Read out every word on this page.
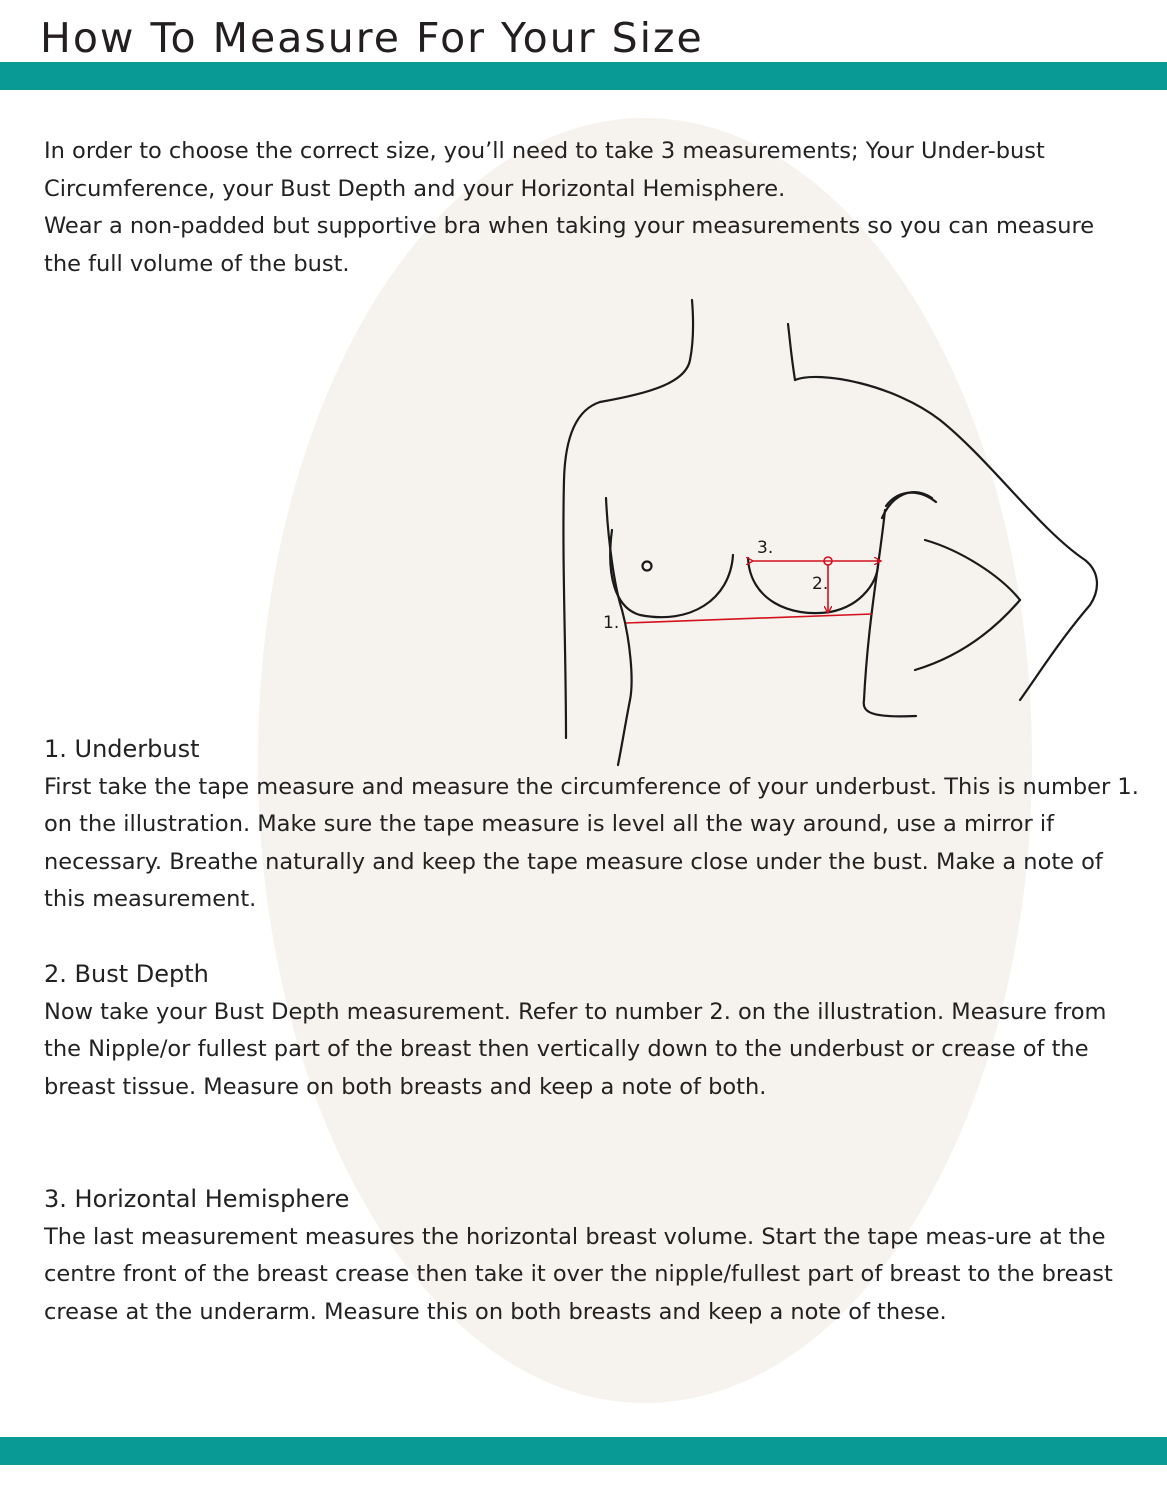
How To Measure For Your Size

In order to choose the correct size, you’ll need to take 3 measurements; Your Under-bust Circumference, your Bust Depth and your Horizontal Hemisphere.

Wear a non-padded but supportive bra when taking your measurements so you can measure the full volume of the bust.

1.
2.
3.
1. Underbust

First take the tape measure and measure the circumference of your underbust. This is number 1. on the illustration. Make sure the tape measure is level all the way around, use a mirror if necessary. Breathe naturally and keep the tape measure close under the bust. Make a note of this measurement.

2. Bust Depth

Now take your Bust Depth measurement. Refer to number 2. on the illustration. Measure from the Nipple/or fullest part of the breast then vertically down to the underbust or crease of the breast tissue. Measure on both breasts and keep a note of both.

3. Horizontal Hemisphere

The last measurement measures the horizontal breast volume. Start the tape meas-ure at the centre front of the breast crease then take it over the nipple/fullest part of breast to the breast crease at the underarm. Measure this on both breasts and keep a note of these.
